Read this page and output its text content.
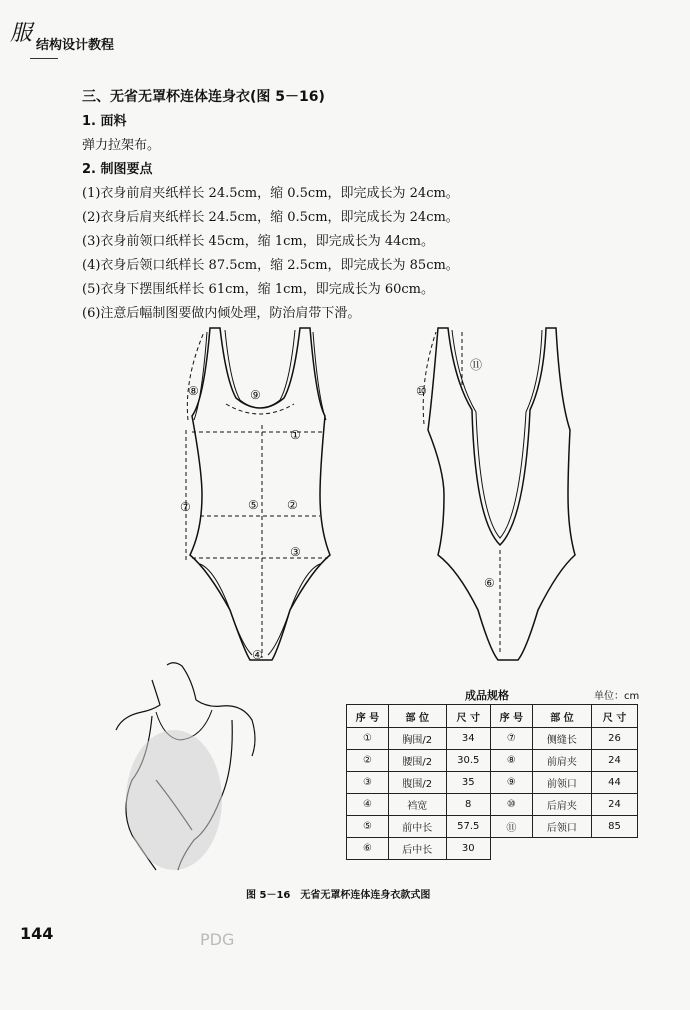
服 结构设计教程
三、无省无罩杯连体连身衣(图 5－16)
1. 面料
弹力拉架布。
2. 制图要点
(1)衣身前肩夹纸样长 24.5cm，缩 0.5cm，即完成长为 24cm。
(2)衣身后肩夹纸样长 24.5cm，缩 0.5cm，即完成长为 24cm。
(3)衣身前领口纸样长 45cm，缩 1cm，即完成长为 44cm。
(4)衣身后领口纸样长 87.5cm，缩 2.5cm，即完成长为 85cm。
(5)衣身下摆围纸样长 61cm，缩 1cm，即完成长为 60cm。
(6)注意后幅制图要做内倾处理，防治肩带下滑。
①
②
③
④
⑤
⑦
⑧	⑨
⑥
⑩
⑪
PDG
成品规格	单位：cm
序 号	部 位	尺 寸	序 号	部 位	尺 寸
①	胸围/2	34	⑦	侧缝长	26
②	腰围/2	30.5	⑧	前肩夹	24
③	腹围/2	35	⑨	前领口	44
④	裆宽	8	⑩	后肩夹	24
⑤	前中长	57.5	⑪	后领口	85
⑥	后中长	30			
图 5－16　无省无罩杯连体连身衣款式图
144
